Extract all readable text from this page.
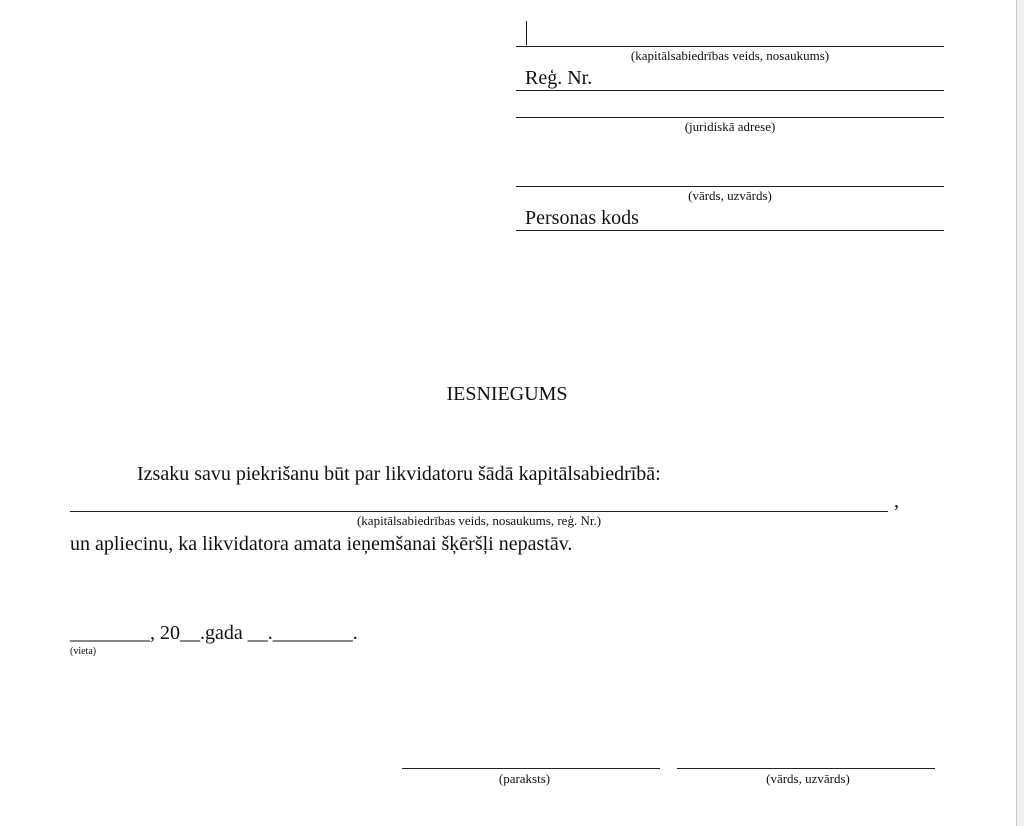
(kapitālsabiedrības veids, nosaukums)
Reģ. Nr.
(juridiskā adrese)
(vārds, uzvārds)
Personas kods
IESNIEGUMS
Izsaku savu piekrišanu būt par likvidatoru šādā kapitālsabiedrībā:
,
(kapitālsabiedrības veids, nosaukums, reģ. Nr.)
un apliecinu, ka likvidatora amata ieņemšanai šķēršļi nepastāv.
________, 20__.gada __.________.
(vieta)
(paraksts)	(vārds, uzvārds)
